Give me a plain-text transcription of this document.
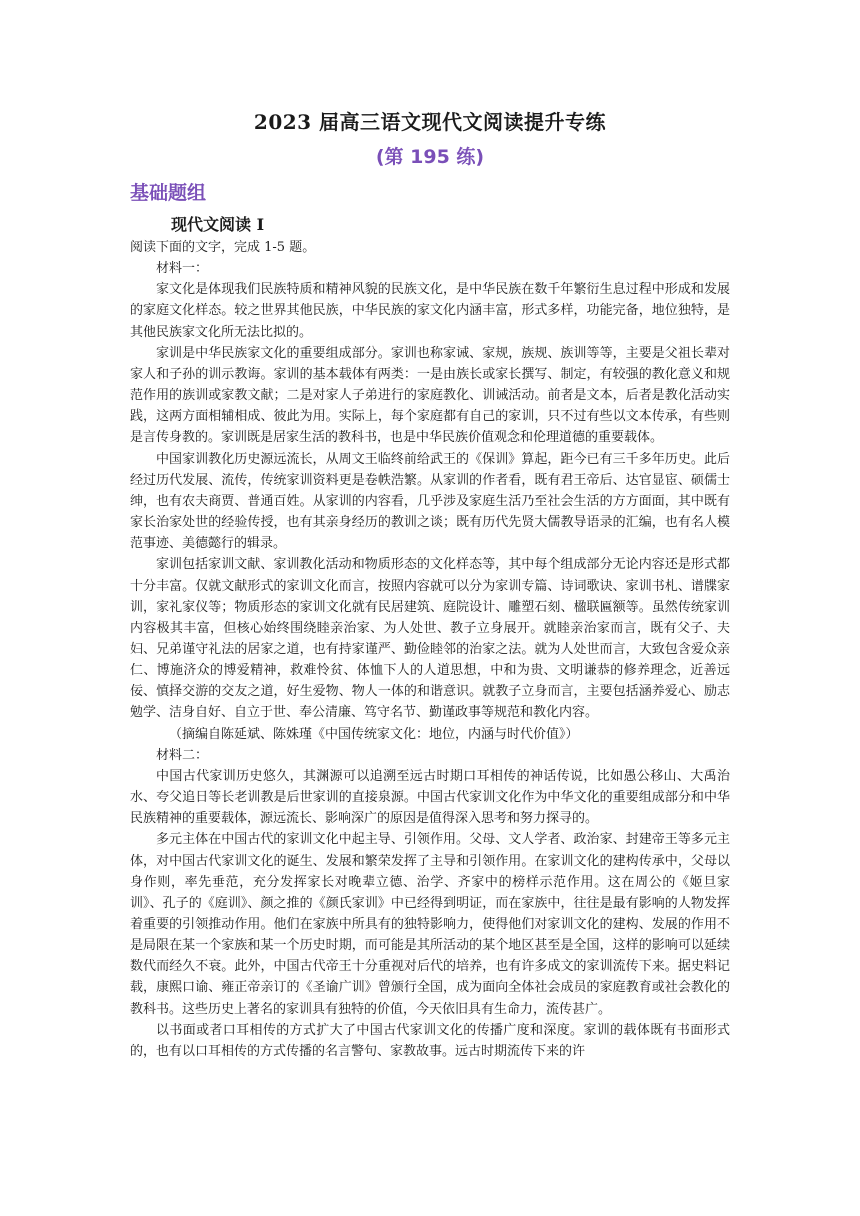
2023 届高三语文现代文阅读提升专练
(第 195 练)
基础题组
现代文阅读 I

阅读下面的文字，完成 1-5 题。

材料一：

家文化是体现我们民族特质和精神风貌的民族文化，是中华民族在数千年繁衍生息过程中形成和发展的家庭文化样态。较之世界其他民族，中华民族的家文化内涵丰富，形式多样，功能完备，地位独特，是其他民族家文化所无法比拟的。

家训是中华民族家文化的重要组成部分。家训也称家诫、家规，族规、族训等等，主要是父祖长辈对家人和子孙的训示教诲。家训的基本载体有两类：一是由族长或家长撰写、制定，有较强的教化意义和规范作用的族训或家教文献；二是对家人子弟进行的家庭教化、训诫活动。前者是文本，后者是教化活动实践，这两方面相辅相成、彼此为用。实际上，每个家庭都有自己的家训，只不过有些以文本传承，有些则是言传身教的。家训既是居家生活的教科书，也是中华民族价值观念和伦理道德的重要载体。

中国家训教化历史源远流长，从周文王临终前给武王的《保训》算起，距今已有三千多年历史。此后经过历代发展、流传，传统家训资料更是卷帙浩繁。从家训的作者看，既有君王帝后、达官显宦、硕儒士绅，也有农夫商贾、普通百姓。从家训的内容看，几乎涉及家庭生活乃至社会生活的方方面面，其中既有家长治家处世的经验传授，也有其亲身经历的教训之谈；既有历代先贤大儒教导语录的汇编，也有名人模范事迹、美德懿行的辑录。

家训包括家训文献、家训教化活动和物质形态的文化样态等，其中每个组成部分无论内容还是形式都十分丰富。仅就文献形式的家训文化而言，按照内容就可以分为家训专篇、诗词歌诀、家训书札、谱牒家训，家礼家仪等；物质形态的家训文化就有民居建筑、庭院设计、雕塑石刻、楹联匾额等。虽然传统家训内容极其丰富，但核心始终围绕睦亲治家、为人处世、教子立身展开。就睦亲治家而言，既有父子、夫妇、兄弟谨守礼法的居家之道，也有持家谨严、勤俭睦邻的治家之法。就为人处世而言，大致包含爱众亲仁、博施济众的博爱精神，救难怜贫、体恤下人的人道思想，中和为贵、文明谦恭的修养理念，近善远佞、慎择交游的交友之道，好生爱物、物人一体的和谐意识。就教子立身而言，主要包括涵养爱心、励志勉学、洁身自好、自立于世、奉公清廉、笃守名节、勤谨政事等规范和教化内容。

（摘编自陈延斌、陈姝瑾《中国传统家文化：地位，内涵与时代价值》）

材料二：

中国古代家训历史悠久，其渊源可以追溯至远古时期口耳相传的神话传说，比如愚公移山、大禹治水、夸父追日等长老训教是后世家训的直接泉源。中国古代家训文化作为中华文化的重要组成部分和中华民族精神的重要载体，源远流长、影响深广的原因是值得深入思考和努力探寻的。

多元主体在中国古代的家训文化中起主导、引领作用。父母、文人学者、政治家、封建帝王等多元主体，对中国古代家训文化的诞生、发展和繁荣发挥了主导和引领作用。在家训文化的建构传承中，父母以身作则，率先垂范，充分发挥家长对晚辈立德、治学、齐家中的榜样示范作用。这在周公的《姬旦家训》、孔子的《庭训》、颜之推的《颜氏家训》中已经得到明证，而在家族中，往往是最有影响的人物发挥着重要的引领推动作用。他们在家族中所具有的独特影响力，使得他们对家训文化的建构、发展的作用不是局限在某一个家族和某一个历史时期，而可能是其所活动的某个地区甚至是全国，这样的影响可以延续数代而经久不衰。此外，中国古代帝王十分重视对后代的培养，也有许多成文的家训流传下来。据史料记载，康熙口谕、雍正帝亲订的《圣谕广训》曾颁行全国，成为面向全体社会成员的家庭教育或社会教化的教科书。这些历史上著名的家训具有独特的价值，今天依旧具有生命力，流传甚广。

以书面或者口耳相传的方式扩大了中国古代家训文化的传播广度和深度。家训的载体既有书面形式的，也有以口耳相传的方式传播的名言警句、家教故事。远古时期流传下来的许
